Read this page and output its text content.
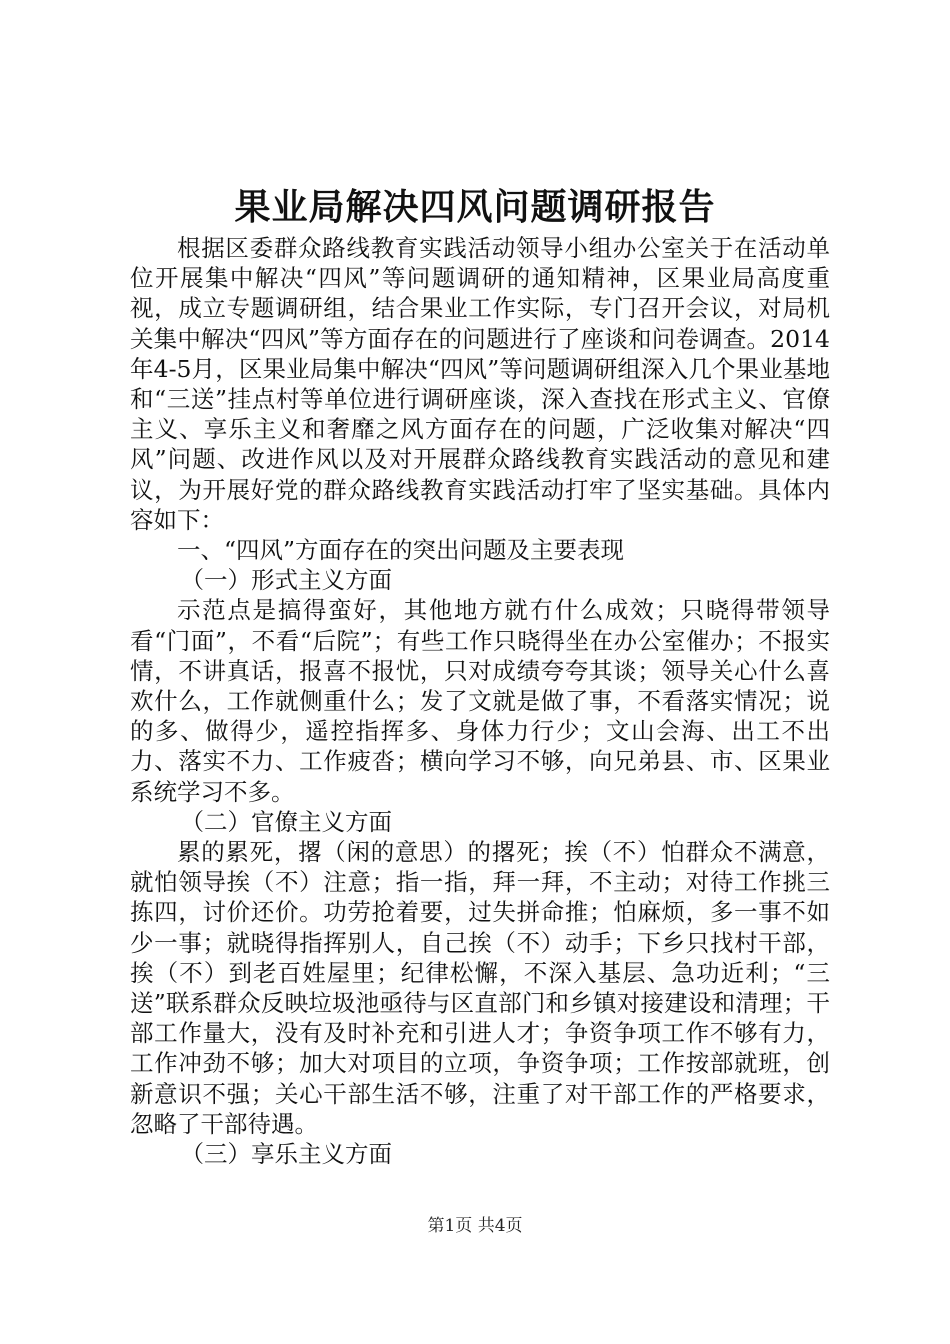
果业局解决四风问题调研报告

根据区委群众路线教育实践活动领导小组办公室关于在活动单位开展集中解决“四风”等问题调研的通知精神，区果业局高度重视，成立专题调研组，结合果业工作实际，专门召开会议，对局机关集中解决“四风”等方面存在的问题进行了座谈和问卷调查。2014年4-5月，区果业局集中解决“四风”等问题调研组深入几个果业基地和“三送”挂点村等单位进行调研座谈，深入查找在形式主义、官僚主义、享乐主义和奢靡之风方面存在的问题，广泛收集对解决“四风”问题、改进作风以及对开展群众路线教育实践活动的意见和建议，为开展好党的群众路线教育实践活动打牢了坚实基础。具体内容如下：

一、“四风”方面存在的突出问题及主要表现

（一）形式主义方面

示范点是搞得蛮好，其他地方就冇什么成效；只晓得带领导看“门面”，不看“后院”；有些工作只晓得坐在办公室催办；不报实情，不讲真话，报喜不报忧，只对成绩夸夸其谈；领导关心什么喜欢什么，工作就侧重什么；发了文就是做了事，不看落实情况；说的多、做得少，遥控指挥多、身体力行少；文山会海、出工不出力、落实不力、工作疲沓；横向学习不够，向兄弟县、市、区果业系统学习不多。

（二）官僚主义方面

累的累死，撂（闲的意思）的撂死；挨（不）怕群众不满意，就怕领导挨（不）注意；指一指，拜一拜，不主动；对待工作挑三拣四，讨价还价。功劳抢着要，过失拼命推；怕麻烦，多一事不如少一事；就晓得指挥别人，自己挨（不）动手；下乡只找村干部，挨（不）到老百姓屋里；纪律松懈，不深入基层、急功近利；“三送”联系群众反映垃圾池亟待与区直部门和乡镇对接建设和清理；干部工作量大，没有及时补充和引进人才；争资争项工作不够有力，工作冲劲不够；加大对项目的立项，争资争项；工作按部就班，创新意识不强；关心干部生活不够，注重了对干部工作的严格要求，忽略了干部待遇。

（三）享乐主义方面

第1页 共4页
